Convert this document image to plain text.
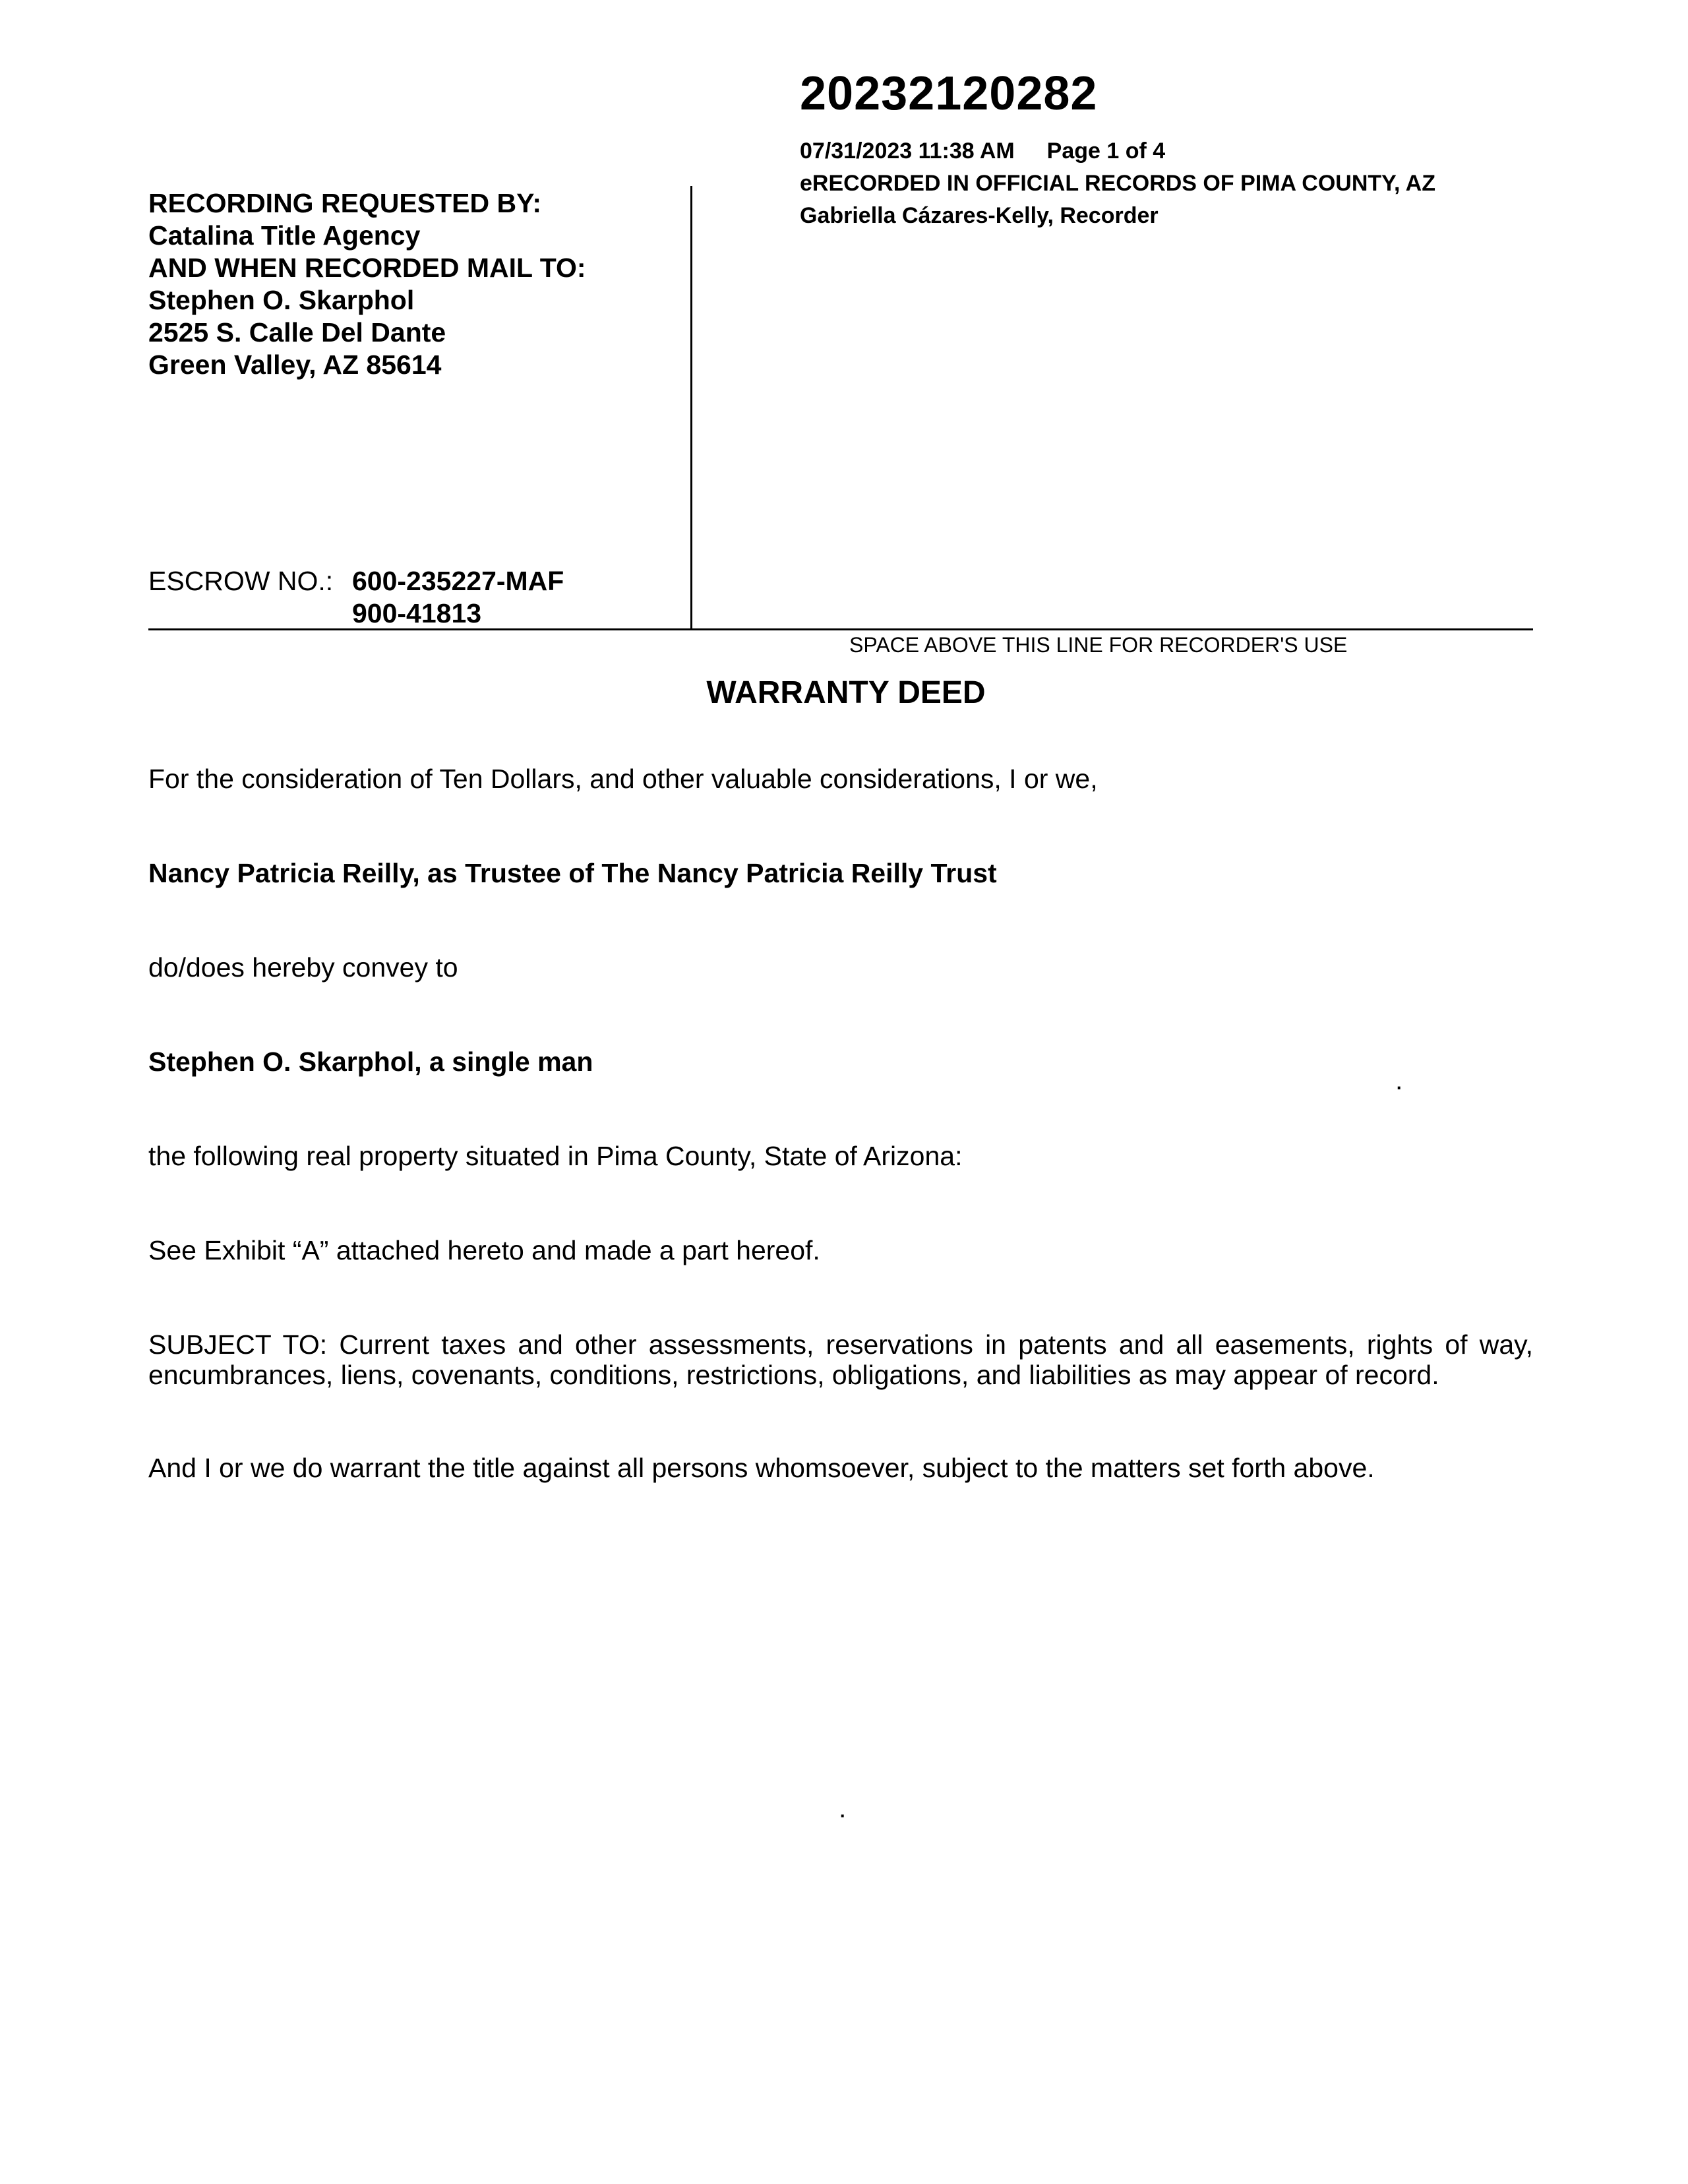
20232120282
07/31/2023 11:38 AM Page 1 of 4
eRECORDED IN OFFICIAL RECORDS OF PIMA COUNTY, AZ
Gabriella Cázares-Kelly, Recorder
RECORDING REQUESTED BY:
Catalina Title Agency
AND WHEN RECORDED MAIL TO:
Stephen O. Skarphol
2525 S. Calle Del Dante
Green Valley, AZ 85614
ESCROW NO.: 600-235227-MAF
900-41813
SPACE ABOVE THIS LINE FOR RECORDER'S USE
WARRANTY DEED
For the consideration of Ten Dollars, and other valuable considerations, I or we,
Nancy Patricia Reilly, as Trustee of The Nancy Patricia Reilly Trust
do/does hereby convey to
Stephen O. Skarphol, a single man
.
the following real property situated in Pima County, State of Arizona:
See Exhibit “A” attached hereto and made a part hereof.
SUBJECT TO: Current taxes and other assessments, reservations in patents and all easements, rights of way, encumbrances, liens, covenants, conditions, restrictions, obligations, and liabilities as may appear of record.
And I or we do warrant the title against all persons whomsoever, subject to the matters set forth above.
.
